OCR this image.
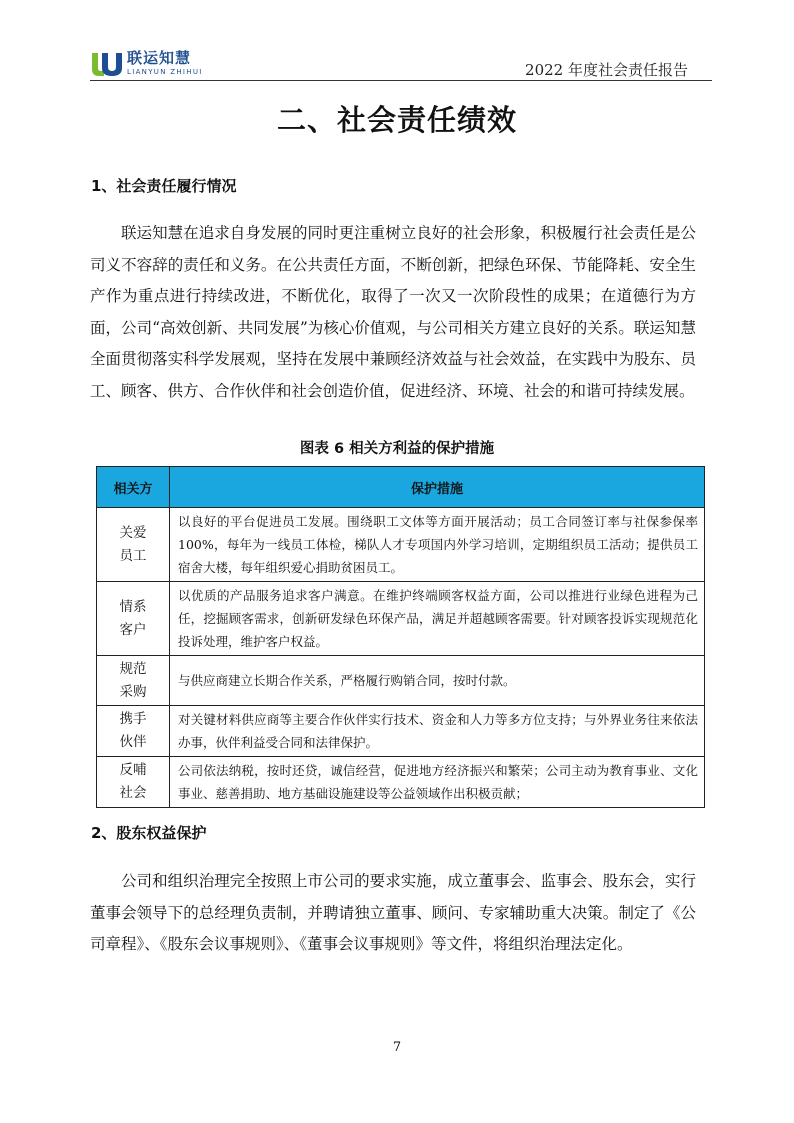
联运知慧
LIANYUN ZHIHUI	2022 年度社会责任报告
二、社会责任绩效
1、社会责任履行情况

联运知慧在追求自身发展的同时更注重树立良好的社会形象，积极履行社会责任是公司义不容辞的责任和义务。在公共责任方面，不断创新，把绿色环保、节能降耗、安全生产作为重点进行持续改进，不断优化，取得了一次又一次阶段性的成果；在道德行为方面，公司“高效创新、共同发展”为核心价值观，与公司相关方建立良好的关系。联运知慧全面贯彻落实科学发展观，坚持在发展中兼顾经济效益与社会效益，在实践中为股东、员工、顾客、供方、合作伙伴和社会创造价值，促进经济、环境、社会的和谐可持续发展。

图表 6 相关方利益的保护措施
相关方	保护措施
关爱
员工	以良好的平台促进员工发展。围绕职工文体等方面开展活动；员工合同签订率与社保参保率 100%，每年为一线员工体检，梯队人才专项国内外学习培训，定期组织员工活动；提供员工宿舍大楼，每年组织爱心捐助贫困员工。
情系
客户	以优质的产品服务追求客户满意。在维护终端顾客权益方面，公司以推进行业绿色进程为己任，挖掘顾客需求，创新研发绿色环保产品，满足并超越顾客需要。针对顾客投诉实现规范化投诉处理，维护客户权益。
规范
采购	与供应商建立长期合作关系，严格履行购销合同，按时付款。
携手
伙伴	对关键材料供应商等主要合作伙伴实行技术、资金和人力等多方位支持；与外界业务往来依法办事，伙伴利益受合同和法律保护。
反哺
社会	公司依法纳税，按时还贷，诚信经营，促进地方经济振兴和繁荣；公司主动为教育事业、文化事业、慈善捐助、地方基础设施建设等公益领域作出积极贡献；
2、股东权益保护

公司和组织治理完全按照上市公司的要求实施，成立董事会、监事会、股东会，实行董事会领导下的总经理负责制，并聘请独立董事、顾问、专家辅助重大决策。制定了《公司章程》、《股东会议事规则》、《董事会议事规则》等文件，将组织治理法定化。

7
